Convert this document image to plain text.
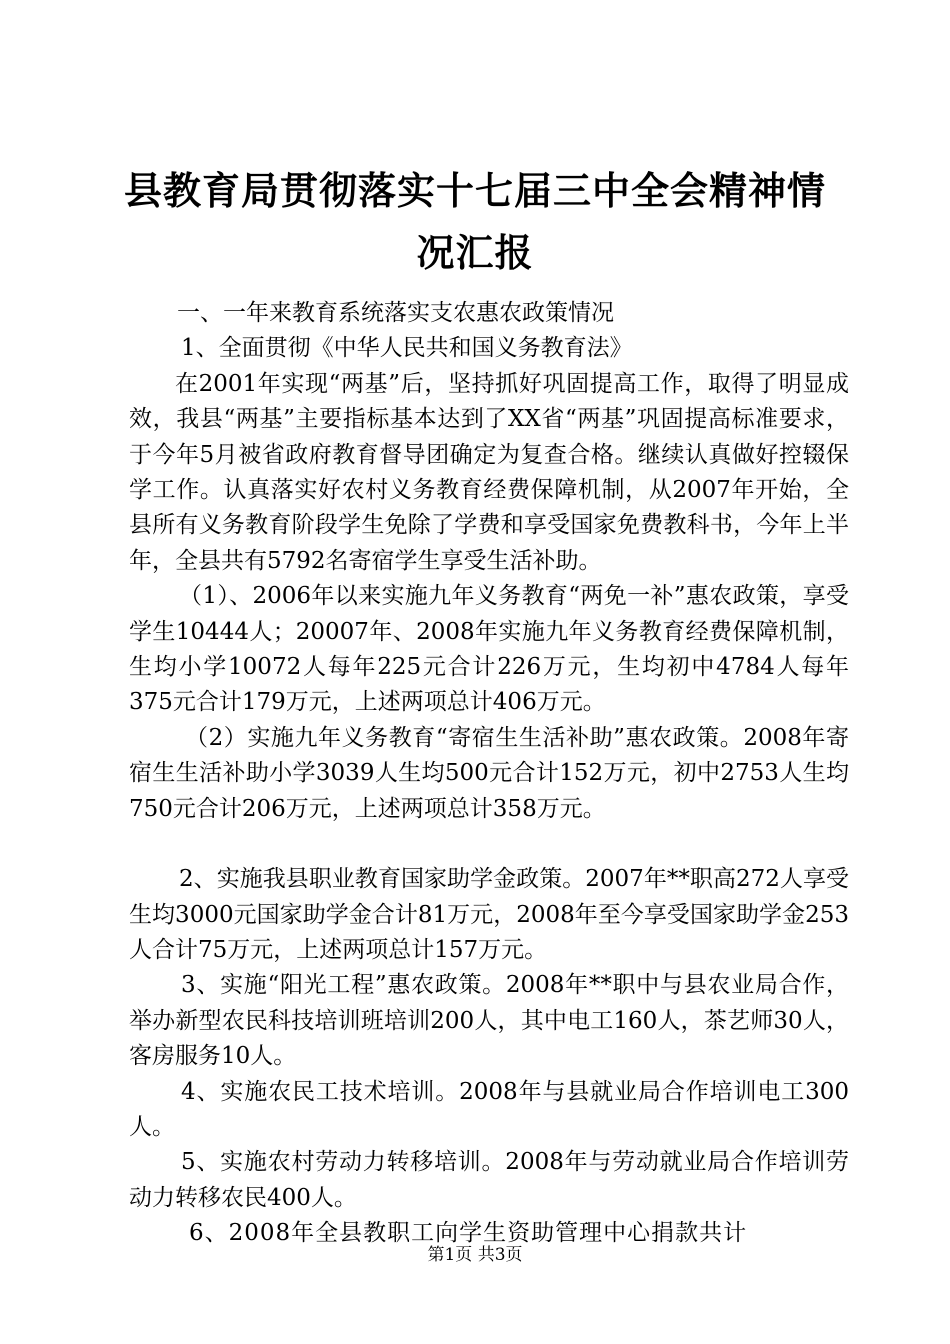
县教育局贯彻落实十七届三中全会精神情况汇报

一、一年来教育系统落实支农惠农政策情况

1、全面贯彻《中华人民共和国义务教育法》

在2001年实现“两基”后，坚持抓好巩固提高工作，取得了明显成效，我县“两基”主要指标基本达到了XX省“两基”巩固提高标准要求，于今年5月被省政府教育督导团确定为复查合格。继续认真做好控辍保学工作。认真落实好农村义务教育经费保障机制，从2007年开始，全县所有义务教育阶段学生免除了学费和享受国家免费教科书，今年上半年，全县共有5792名寄宿学生享受生活补助。

（1）、2006年以来实施九年义务教育“两免一补”惠农政策，享受学生10444人；20007年、2008年实施九年义务教育经费保障机制，生均小学10072人每年225元合计226万元，生均初中4784人每年375元合计179万元，上述两项总计406万元。

（2）实施九年义务教育“寄宿生生活补助”惠农政策。2008年寄宿生生活补助小学3039人生均500元合计152万元，初中2753人生均750元合计206万元，上述两项总计358万元。

2、实施我县职业教育国家助学金政策。2007年**职高272人享受生均3000元国家助学金合计81万元，2008年至今享受国家助学金253人合计75万元，上述两项总计157万元。

3、实施“阳光工程”惠农政策。2008年**职中与县农业局合作，举办新型农民科技培训班培训200人，其中电工160人，茶艺师30人，客房服务10人。

4、实施农民工技术培训。2008年与县就业局合作培训电工300人。

5、实施农村劳动力转移培训。2008年与劳动就业局合作培训劳动力转移农民400人。

6、2008年全县教职工向学生资助管理中心捐款共计

第1页 共3页
